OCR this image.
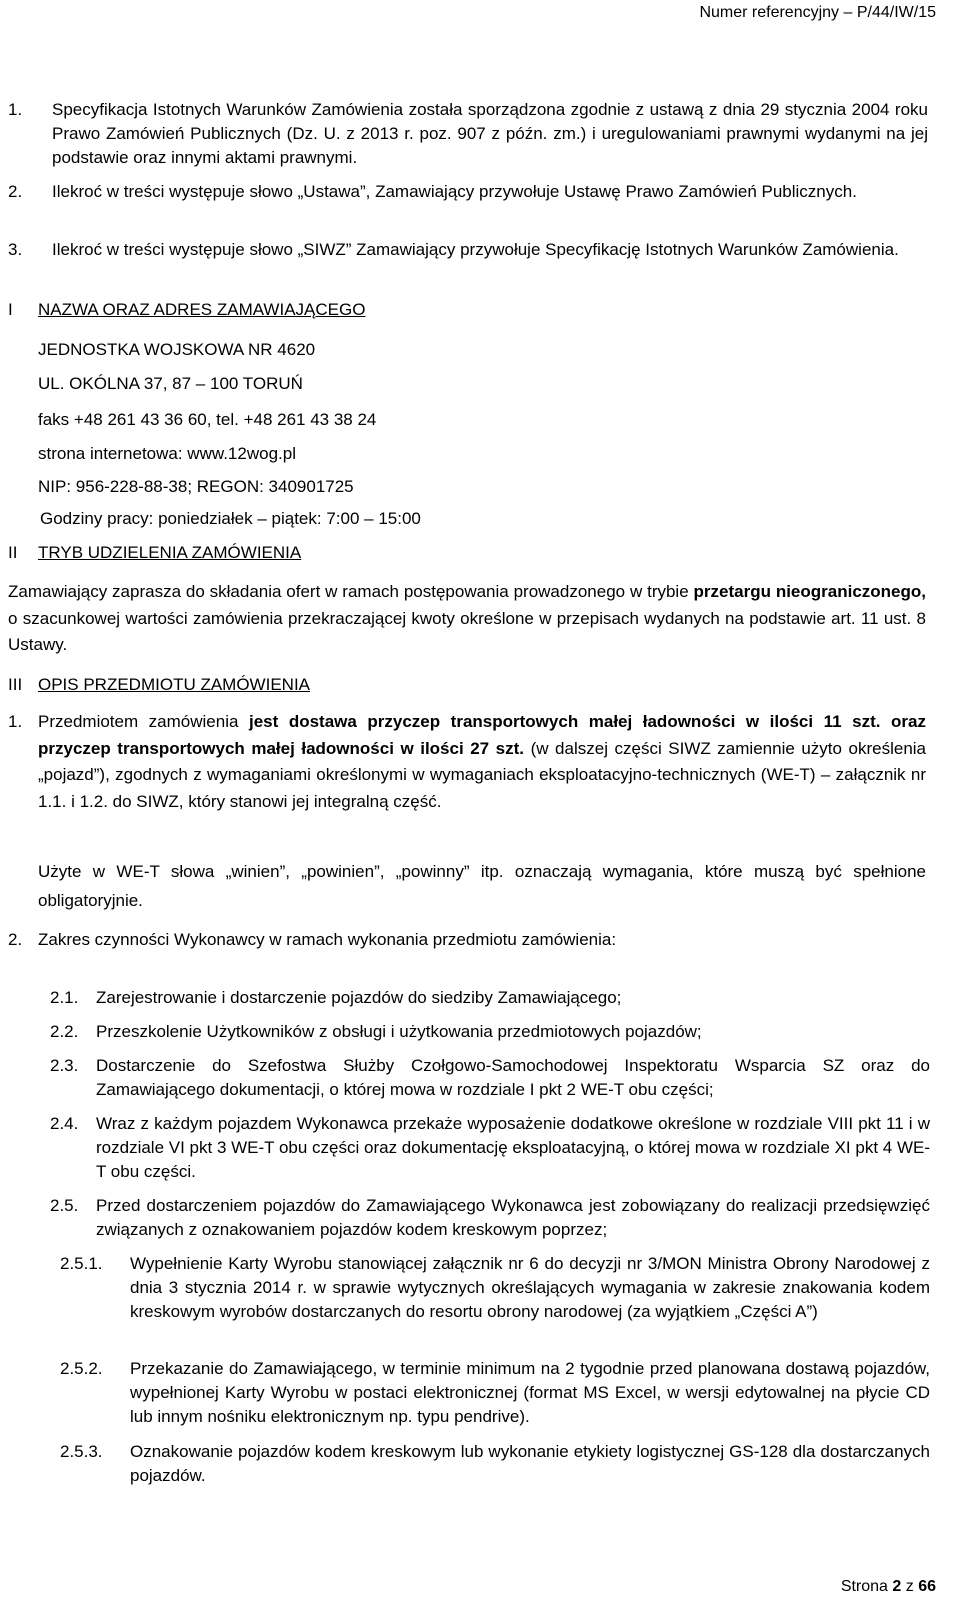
Numer referencyjny – P/44/IW/15
1. Specyfikacja Istotnych Warunków Zamówienia została sporządzona zgodnie z ustawą z dnia 29 stycznia 2004 roku Prawo Zamówień Publicznych (Dz. U. z 2013 r. poz. 907 z późn. zm.) i uregulowaniami prawnymi wydanymi na jej podstawie oraz innymi aktami prawnymi.
2. Ilekroć w treści występuje słowo „Ustawa”, Zamawiający przywołuje Ustawę Prawo Zamówień Publicznych.
3. Ilekroć w treści występuje słowo „SIWZ” Zamawiający przywołuje Specyfikację Istotnych Warunków Zamówienia.
I NAZWA ORAZ ADRES ZAMAWIAJĄCEGO
JEDNOSTKA WOJSKOWA NR 4620
UL. OKÓLNA 37, 87 – 100 TORUŃ
faks +48 261 43 36 60, tel. +48 261 43 38 24
strona internetowa: www.12wog.pl
NIP: 956-228-88-38; REGON: 340901725
Godziny pracy: poniedziałek – piątek: 7:00 – 15:00
II TRYB UDZIELENIA ZAMÓWIENIA
Zamawiający zaprasza do składania ofert w ramach postępowania prowadzonego w trybie przetargu nieograniczonego, o szacunkowej wartości zamówienia przekraczającej kwoty określone w przepisach wydanych na podstawie art. 11 ust. 8 Ustawy.
III OPIS PRZEDMIOTU ZAMÓWIENIA
1. Przedmiotem zamówienia jest dostawa przyczep transportowych małej ładowności w ilości 11 szt. oraz przyczep transportowych małej ładowności w ilości 27 szt. (w dalszej części SIWZ zamiennie użyto określenia „pojazd”), zgodnych z wymaganiami określonymi w wymaganiach eksploatacyjno-technicznych (WE-T) – załącznik nr 1.1. i 1.2. do SIWZ, który stanowi jej integralną część.
Użyte w WE-T słowa „winien”, „powinien”, „powinny” itp. oznaczają wymagania, które muszą być spełnione obligatoryjnie.
2. Zakres czynności Wykonawcy w ramach wykonania przedmiotu zamówienia:
2.1. Zarejestrowanie i dostarczenie pojazdów do siedziby Zamawiającego;
2.2. Przeszkolenie Użytkowników z obsługi i użytkowania przedmiotowych pojazdów;
2.3. Dostarczenie do Szefostwa Służby Czołgowo-Samochodowej Inspektoratu Wsparcia SZ oraz do Zamawiającego dokumentacji, o której mowa w rozdziale I pkt 2 WE-T obu części;
2.4. Wraz z każdym pojazdem Wykonawca przekaże wyposażenie dodatkowe określone w rozdziale VIII pkt 11 i w rozdziale VI pkt 3 WE-T obu części oraz dokumentację eksploatacyjną, o której mowa w rozdziale XI pkt 4 WE-T obu części.
2.5. Przed dostarczeniem pojazdów do Zamawiającego Wykonawca jest zobowiązany do realizacji przedsięwzięć związanych z oznakowaniem pojazdów kodem kreskowym poprzez;
2.5.1. Wypełnienie Karty Wyrobu stanowiącej załącznik nr 6 do decyzji nr 3/MON Ministra Obrony Narodowej z dnia 3 stycznia 2014 r. w sprawie wytycznych określających wymagania w zakresie znakowania kodem kreskowym wyrobów dostarczanych do resortu obrony narodowej (za wyjątkiem „Części A”)
2.5.2. Przekazanie do Zamawiającego, w terminie minimum na 2 tygodnie przed planowana dostawą pojazdów, wypełnionej Karty Wyrobu w postaci elektronicznej (format MS Excel, w wersji edytowalnej na płycie CD lub innym nośniku elektronicznym np. typu pendrive).
2.5.3. Oznakowanie pojazdów kodem kreskowym lub wykonanie etykiety logistycznej GS-128 dla dostarczanych pojazdów.
Strona 2 z 66
